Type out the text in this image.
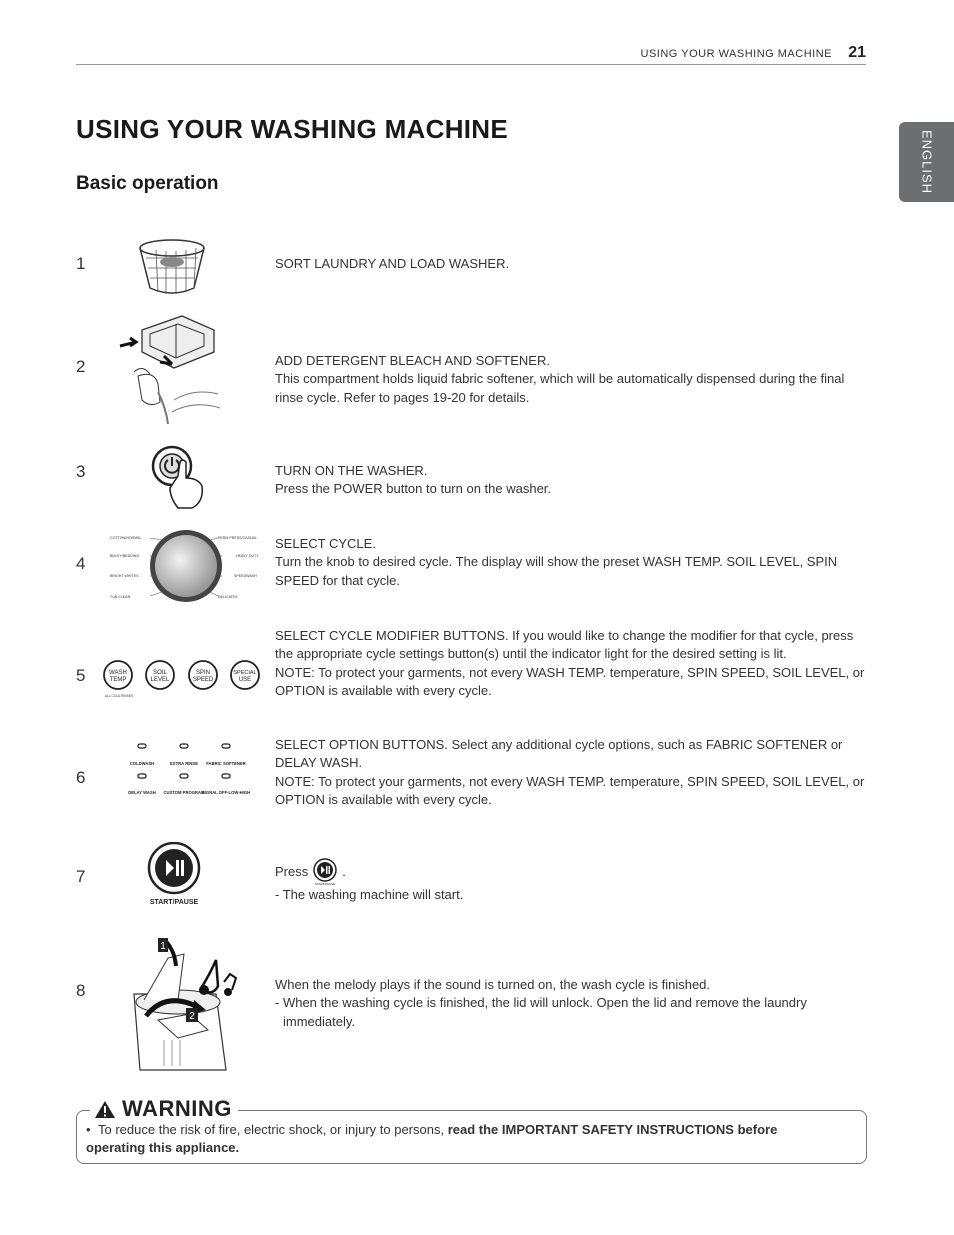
USING YOUR WASHING MACHINE 21
ENGLISH
USING YOUR WASHING MACHINE
Basic operation
1	SORT LAUNDRY AND LOAD WASHER.

2	ADD DETERGENT BLEACH AND SOFTENER.

This compartment holds liquid fabric softener, which will be automatically dispensed during the final rinse cycle. Refer to pages 19-20 for details.

3	TURN ON THE WASHER.

Press the POWER button to turn on the washer.

4
COTTON/NORMAL
BULKY/BEDDING
BRIGHT WHITES
TUB CLEAN
PERM PRESS/CASUAL
HEAVY DUTY
SPEEDWASH
DELICATES

SELECT CYCLE.

Turn the knob to desired cycle. The display will show the preset WASH TEMP. SOIL LEVEL, SPIN SPEED for that cycle.

5	WASH
TEMP
SOIL
LEVEL
SPIN
SPEED
SPECIAL
USE
ALL COLD RINSES

SELECT CYCLE MODIFIER BUTTONS. If you would like to change the modifier for that cycle, press the appropriate cycle settings button(s) until the indicator light for the desired setting is lit.

NOTE: To protect your garments, not every WASH TEMP. temperature, SPIN SPEED, SOIL LEVEL, or OPTION is available with every cycle.

6
COLDWASH	EXTRA RINSE FABRIC SOFTENER
DELAY WASH CUSTOM PROGRAM
SIGNAL OFF-LOW-HIGH

SELECT OPTION BUTTONS. Select any additional cycle options, such as FABRIC SOFTENER or DELAY WASH.

NOTE: To protect your garments, not every WASH TEMP. temperature, SPIN SPEED, SOIL LEVEL, or OPTION is available with every cycle.

7
START/PAUSE
Press
START/PAUSE
.

- The washing machine will start.

8
1
2

When the melody plays if the sound is turned on, the wash cycle is finished.

- When the washing cycle is finished, the lid will unlock. Open the lid and remove the laundry immediately.

WARNING
• To reduce the risk of fire, electric shock, or injury to persons, read the IMPORTANT SAFETY INSTRUCTIONS before operating this appliance.
